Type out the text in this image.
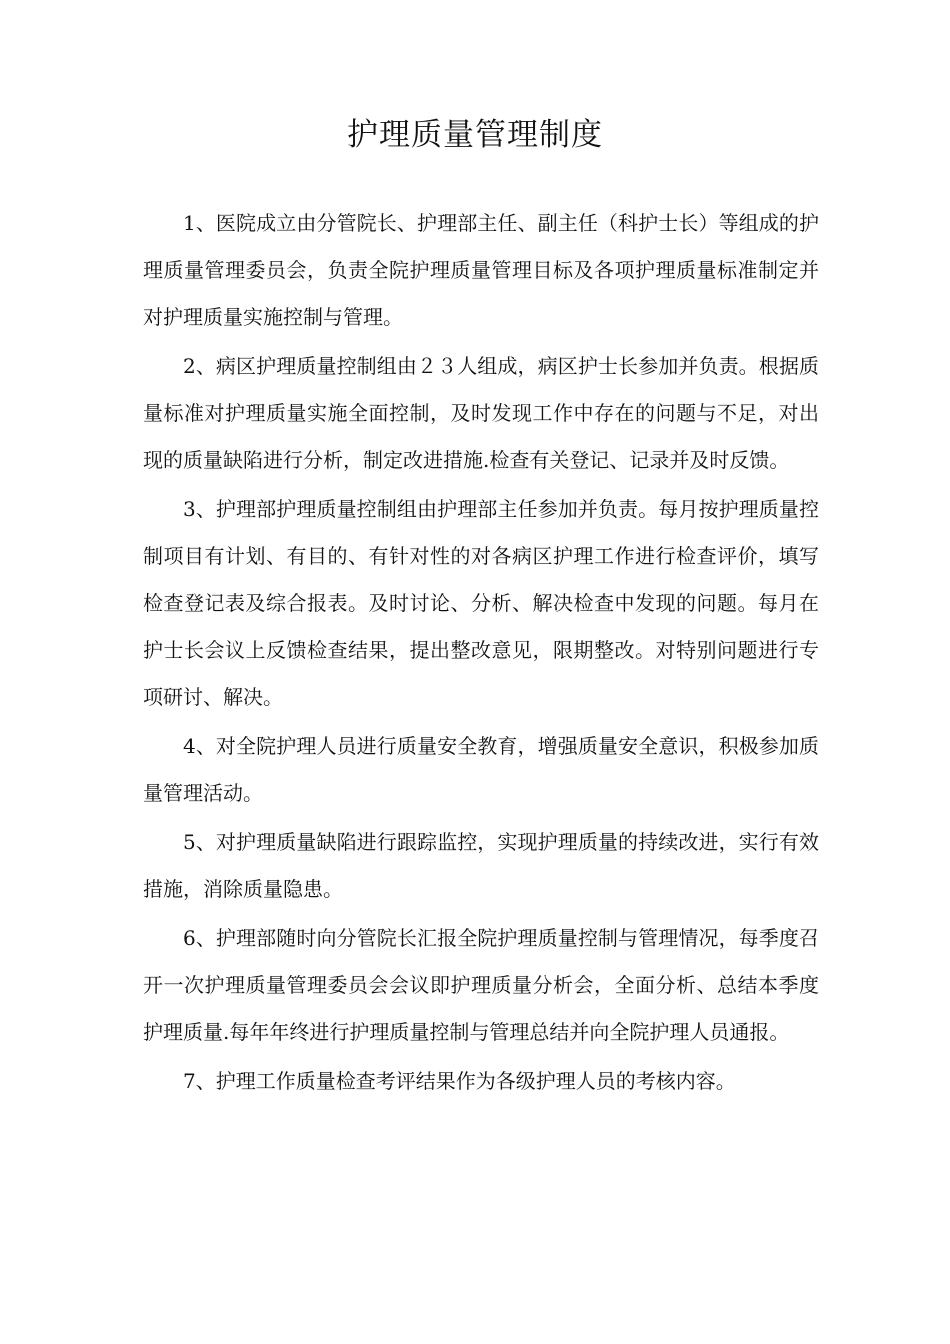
护理质量管理制度

1、医院成立由分管院长、护理部主任、副主任（科护士长）等组成的护理质量管理委员会，负责全院护理质量管理目标及各项护理质量标准制定并对护理质量实施控制与管理。

2、病区护理质量控制组由２３人组成，病区护士长参加并负责。根据质量标准对护理质量实施全面控制，及时发现工作中存在的问题与不足，对出现的质量缺陷进行分析，制定改进措施.检查有关登记、记录并及时反馈。

3、护理部护理质量控制组由护理部主任参加并负责。每月按护理质量控制项目有计划、有目的、有针对性的对各病区护理工作进行检查评价，填写检查登记表及综合报表。及时讨论、分析、解决检查中发现的问题。每月在护士长会议上反馈检查结果，提出整改意见，限期整改。对特别问题进行专项研讨、解决。

4、对全院护理人员进行质量安全教育，增强质量安全意识，积极参加质量管理活动。

5、对护理质量缺陷进行跟踪监控，实现护理质量的持续改进，实行有效措施，消除质量隐患。

6、护理部随时向分管院长汇报全院护理质量控制与管理情况，每季度召开一次护理质量管理委员会会议即护理质量分析会，全面分析、总结本季度护理质量.每年年终进行护理质量控制与管理总结并向全院护理人员通报。

7、护理工作质量检查考评结果作为各级护理人员的考核内容。
